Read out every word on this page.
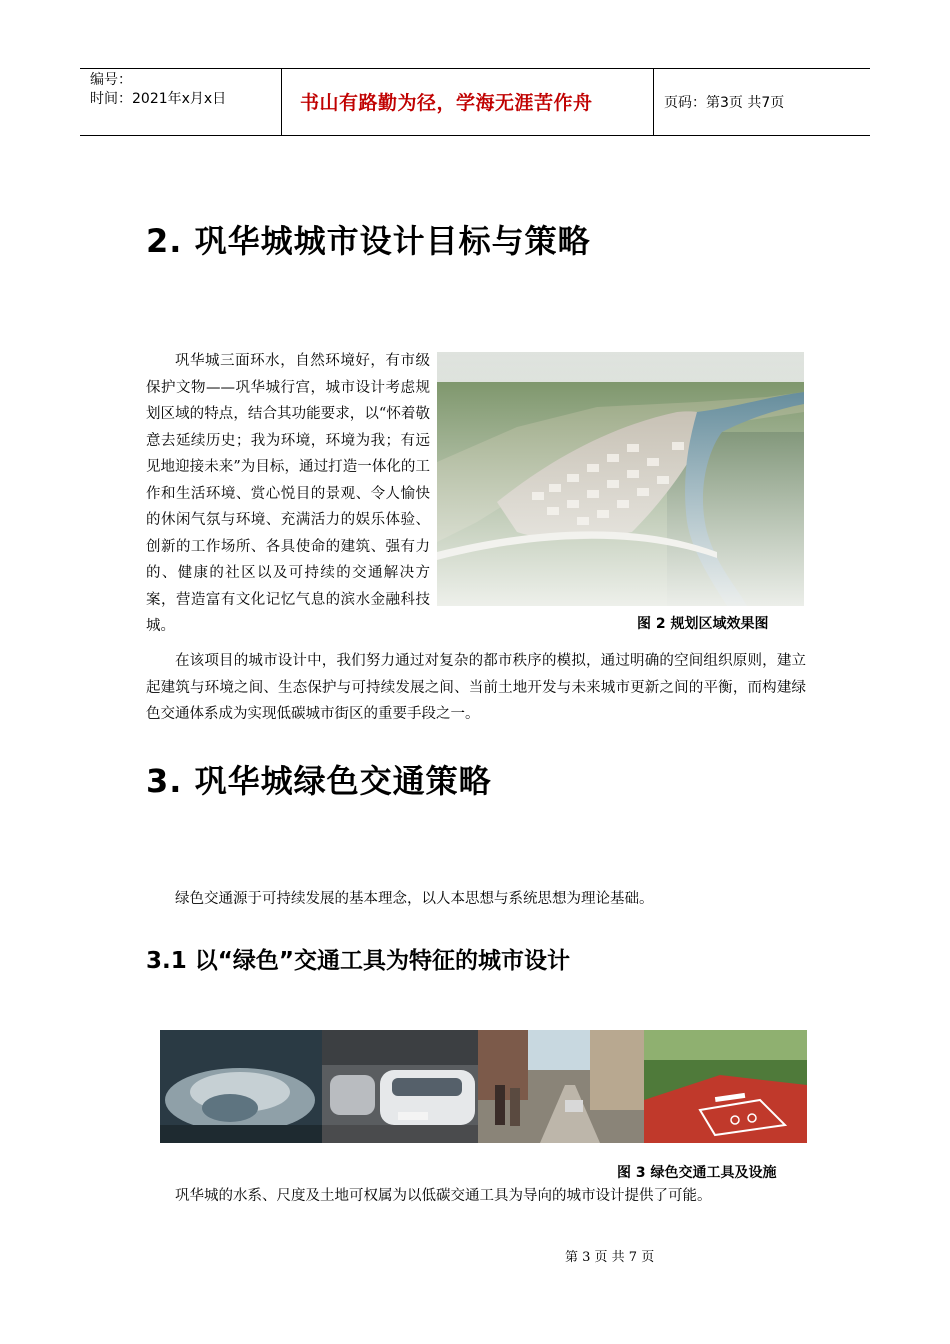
编号：
时间：2021年x月x日	书山有路勤为径，学海无涯苦作舟	页码：第3页 共7页
2. 巩华城城市设计目标与策略

巩华城三面环水，自然环境好，有市级保护文物——巩华城行宫，城市设计考虑规划区域的特点，结合其功能要求，以“怀着敬意去延续历史；我为环境，环境为我；有远见地迎接未来”为目标，通过打造一体化的工作和生活环境、赏心悦目的景观、令人愉快的休闲气氛与环境、充满活力的娱乐体验、创新的工作场所、各具使命的建筑、强有力的、健康的社区以及可持续的交通解决方案，营造富有文化记忆气息的滨水金融科技城。	图 2 规划区域效果图

在该项目的城市设计中，我们努力通过对复杂的都市秩序的模拟，通过明确的空间组织原则，建立起建筑与环境之间、生态保护与可持续发展之间、当前土地开发与未来城市更新之间的平衡，而构建绿色交通体系成为实现低碳城市街区的重要手段之一。

3. 巩华城绿色交通策略

绿色交通源于可持续发展的基本理念，以人本思想与系统思想为理论基础。

3.1 以“绿色”交通工具为特征的城市设计
图 3 绿色交通工具及设施

巩华城的水系、尺度及土地可权属为以低碳交通工具为导向的城市设计提供了可能。

第 3 页 共 7 页
